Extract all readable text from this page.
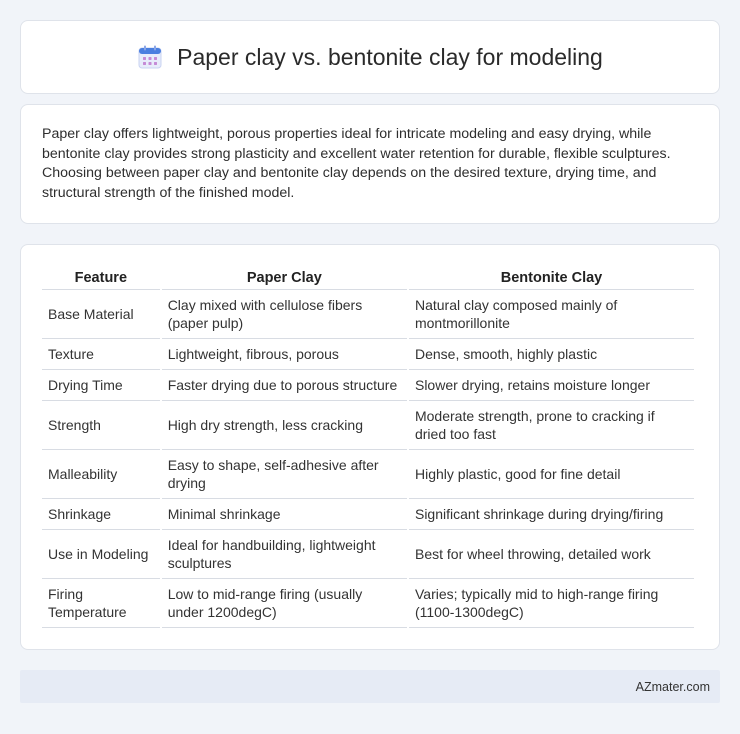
Paper clay vs. bentonite clay for modeling

Paper clay offers lightweight, porous properties ideal for intricate modeling and easy drying, while bentonite clay provides strong plasticity and excellent water retention for durable, flexible sculptures. Choosing between paper clay and bentonite clay depends on the desired texture, drying time, and structural strength of the finished model.

Feature	Paper Clay	Bentonite Clay
Base Material	Clay mixed with cellulose fibers (paper pulp)	Natural clay composed mainly of montmorillonite
Texture	Lightweight, fibrous, porous	Dense, smooth, highly plastic
Drying Time	Faster drying due to porous structure	Slower drying, retains moisture longer
Strength	High dry strength, less cracking	Moderate strength, prone to cracking if dried too fast
Malleability	Easy to shape, self-adhesive after drying	Highly plastic, good for fine detail
Shrinkage	Minimal shrinkage	Significant shrinkage during drying/firing
Use in Modeling	Ideal for handbuilding, lightweight sculptures	Best for wheel throwing, detailed work
Firing Temperature	Low to mid-range firing (usually under 1200degC)	Varies; typically mid to high-range firing (1100-1300degC)
AZmater.com
